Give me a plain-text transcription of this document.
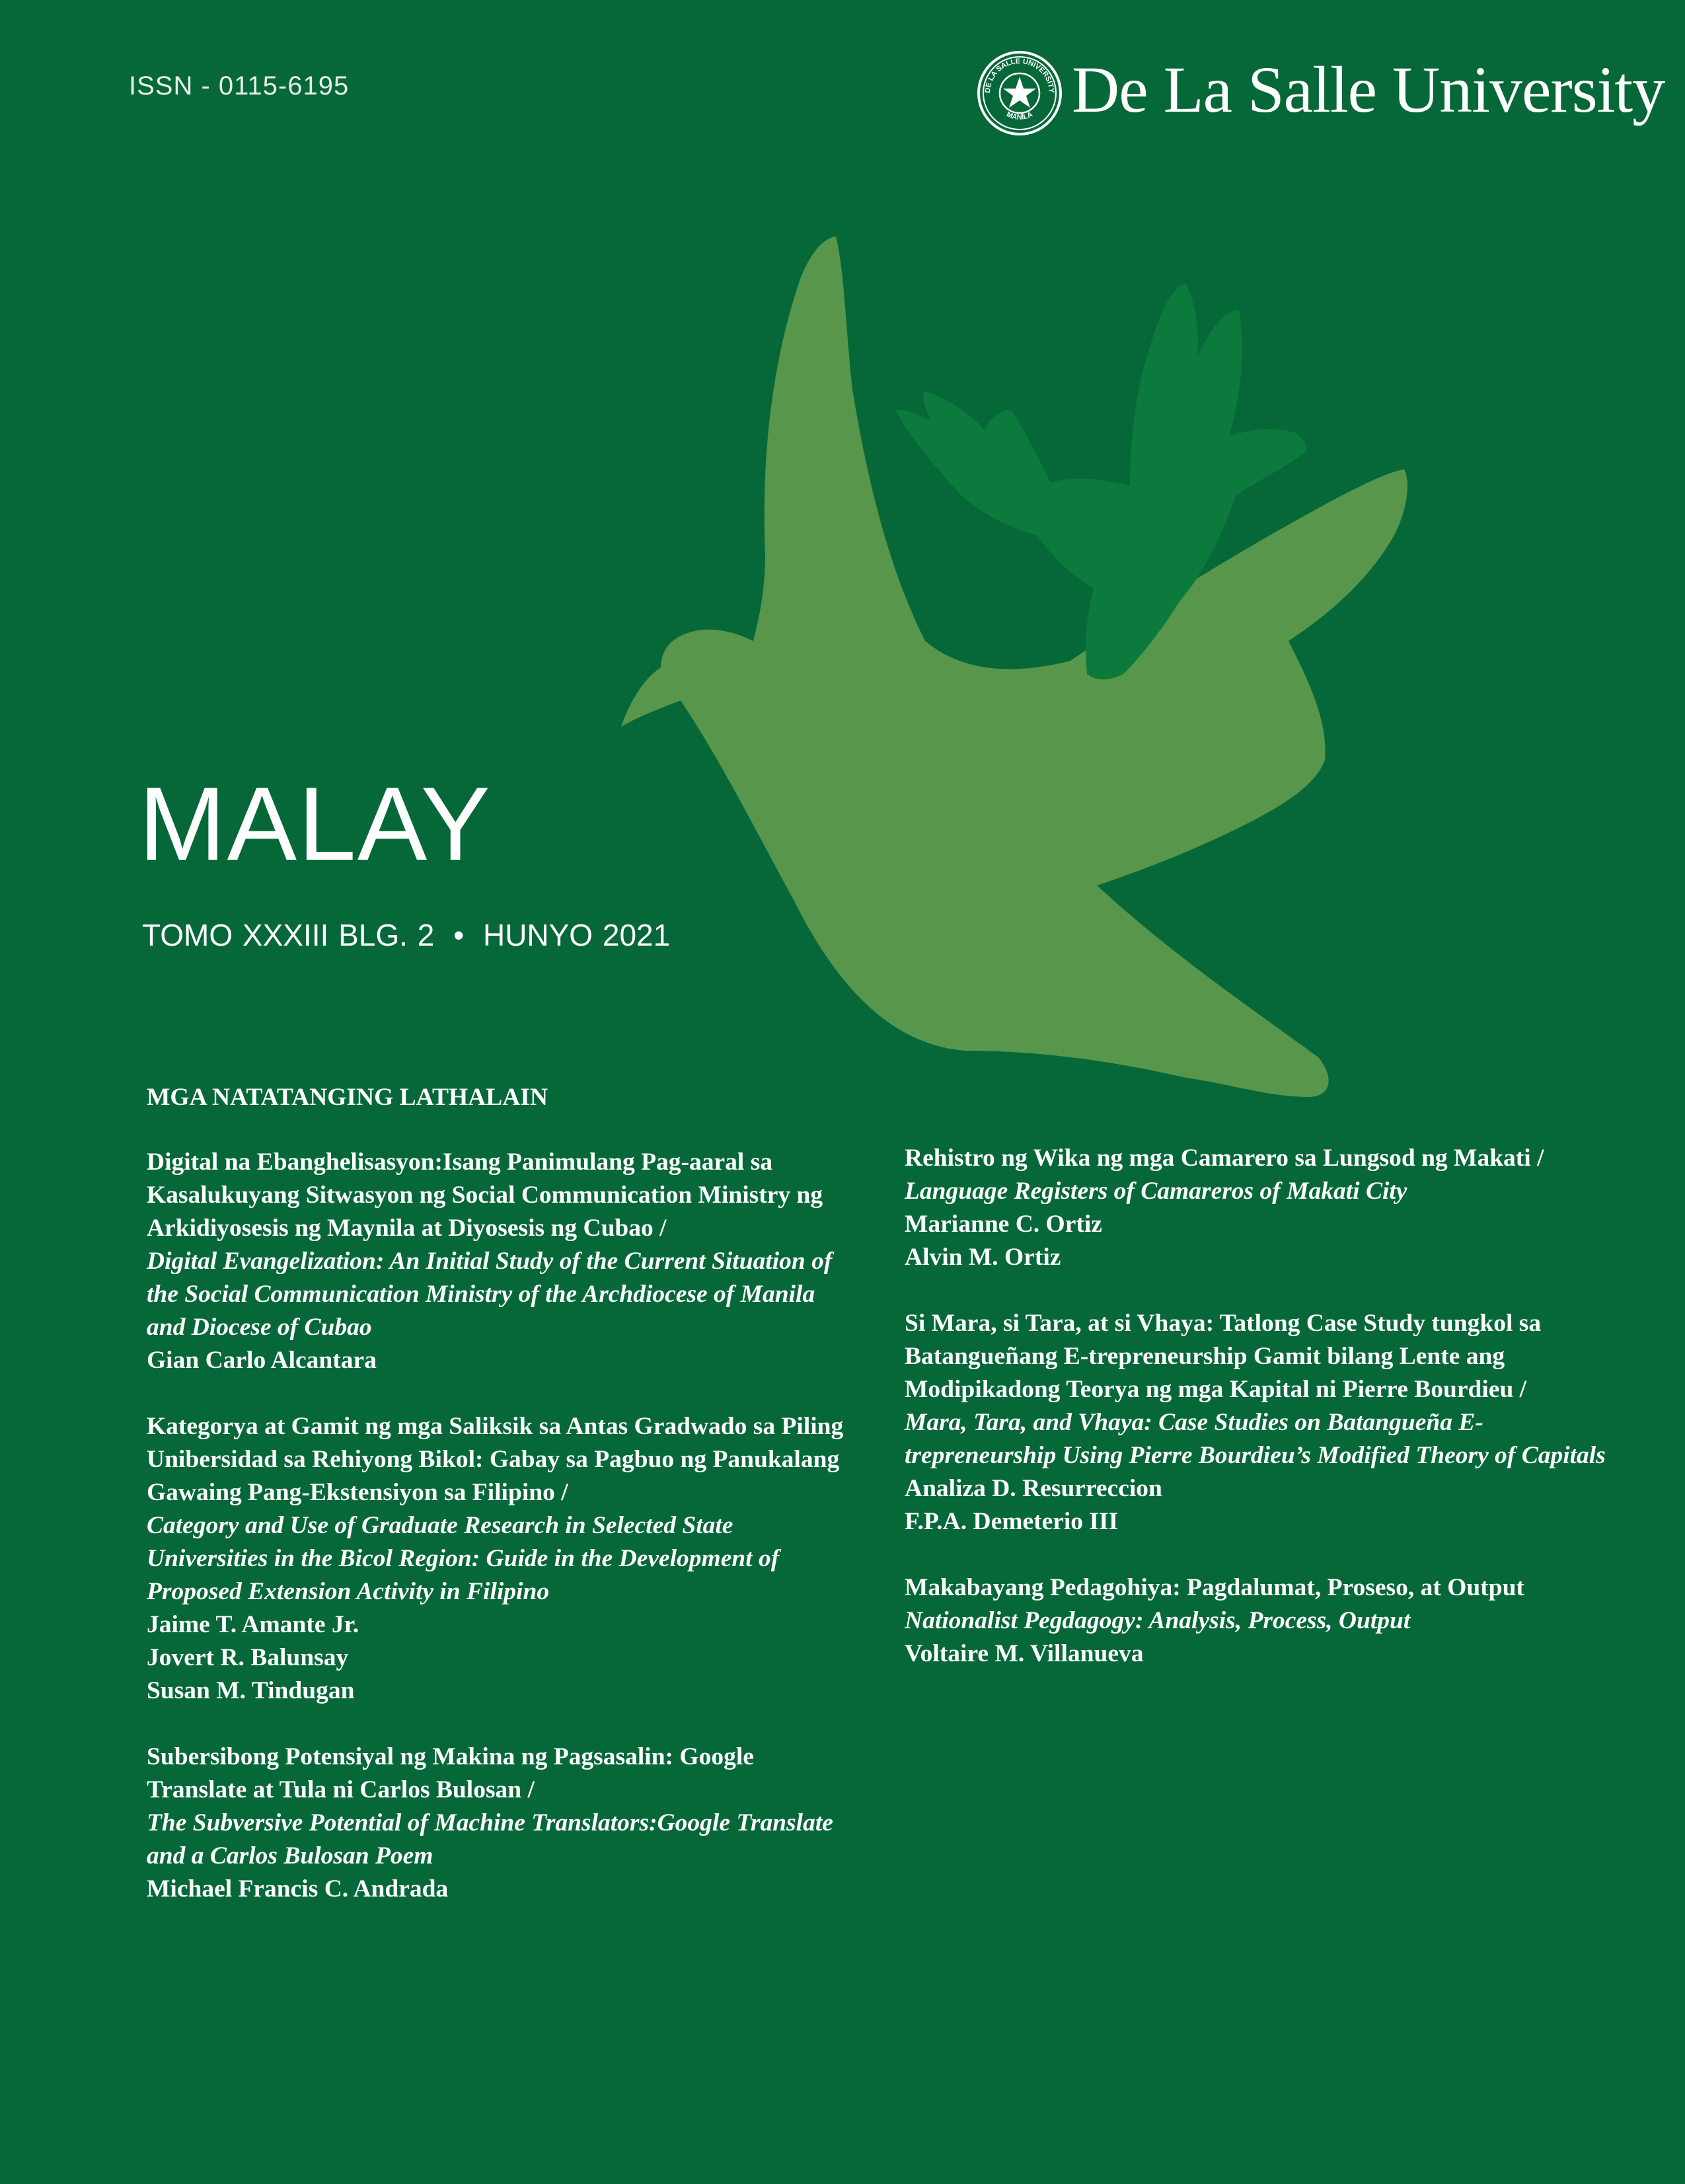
ISSN - 0115-6195	DE LA SALLE UNIVERSITY
MANILA De La Salle University
MALAY
TOMO XXXIII BLG. 2 • HUNYO 2021
MGA NATATANGING LATHALAIN
Digital na Ebanghelisasyon:Isang Panimulang Pag-aaral sa Kasalukuyang Sitwasyon ng Social Communication Ministry ng Arkidiyosesis ng Maynila at Diyosesis ng Cubao /
Digital Evangelization: An Initial Study of the Current Situation of the Social Communication Ministry of the Archdiocese of Manila and Diocese of Cubao
Gian Carlo Alcantara
Kategorya at Gamit ng mga Saliksik sa Antas Gradwado sa Piling Unibersidad sa Rehiyong Bikol: Gabay sa Pagbuo ng Panukalang Gawaing Pang-Ekstensiyon sa Filipino /
Category and Use of Graduate Research in Selected State Universities in the Bicol Region: Guide in the Development of Proposed Extension Activity in Filipino
Jaime T. Amante Jr.
Jovert R. Balunsay
Susan M. Tindugan
Subersibong Potensiyal ng Makina ng Pagsasalin: Google Translate at Tula ni Carlos Bulosan /
The Subversive Potential of Machine Translators:Google Translate and a Carlos Bulosan Poem
Michael Francis C. Andrada
Rehistro ng Wika ng mga Camarero sa Lungsod ng Makati /
Language Registers of Camareros of Makati City
Marianne C. Ortiz
Alvin M. Ortiz
Si Mara, si Tara, at si Vhaya: Tatlong Case Study tungkol sa Batangueñang E-trepreneurship Gamit bilang Lente ang Modipikadong Teorya ng mga Kapital ni Pierre Bourdieu /
Mara, Tara, and Vhaya: Case Studies on Batangueña E-trepreneurship Using Pierre Bourdieu’s Modified Theory of Capitals
Analiza D. Resurreccion
F.P.A. Demeterio III
Makabayang Pedagohiya: Pagdalumat, Proseso, at Output
Nationalist Pegdagogy: Analysis, Process, Output
Voltaire M. Villanueva
